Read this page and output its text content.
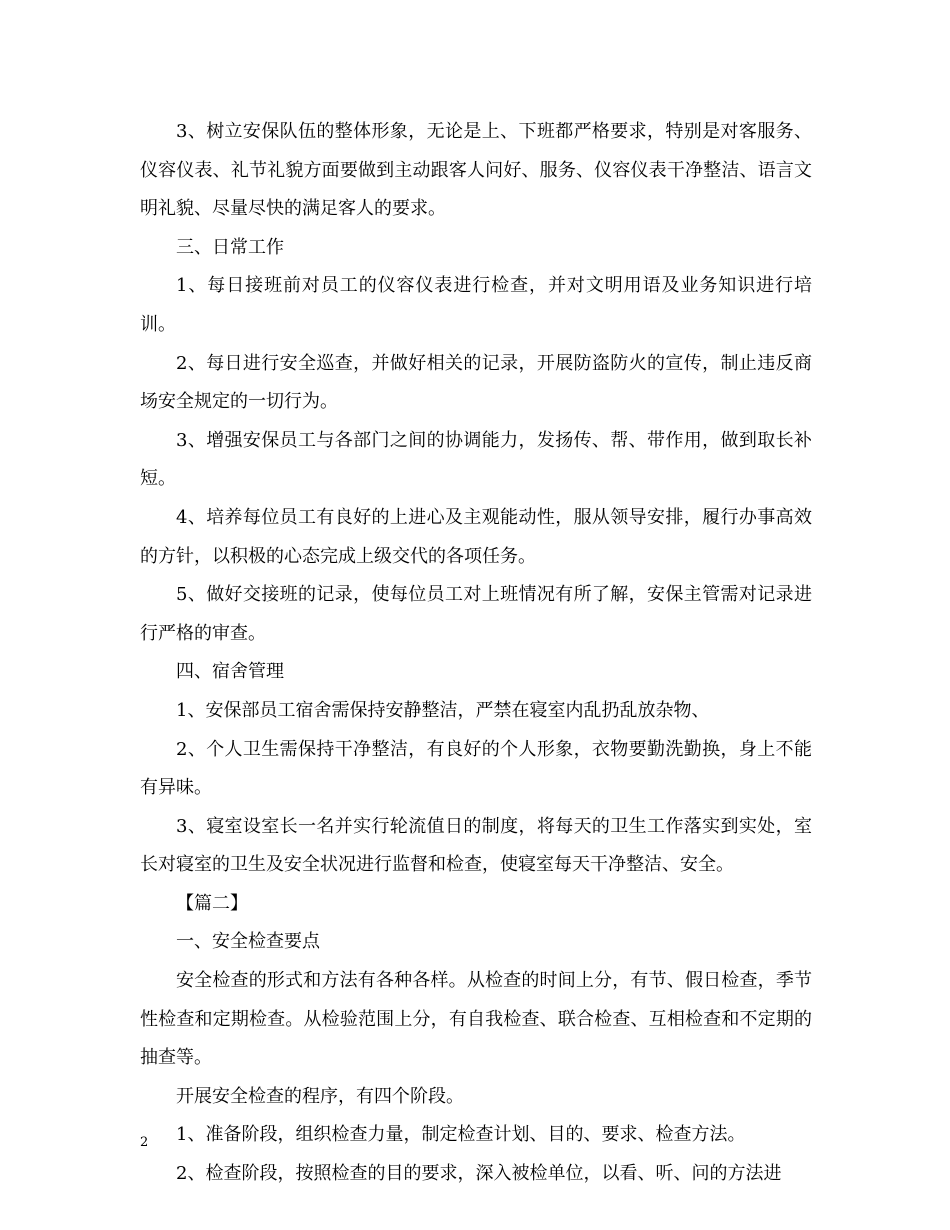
3、树立安保队伍的整体形象，无论是上、下班都严格要求，特别是对客服务、仪容仪表、礼节礼貌方面要做到主动跟客人问好、服务、仪容仪表干净整洁、语言文明礼貌、尽量尽快的满足客人的要求。

三、日常工作

1、每日接班前对员工的仪容仪表进行检查，并对文明用语及业务知识进行培训。

2、每日进行安全巡查，并做好相关的记录，开展防盗防火的宣传，制止违反商场安全规定的一切行为。

3、增强安保员工与各部门之间的协调能力，发扬传、帮、带作用，做到取长补短。

4、培养每位员工有良好的上进心及主观能动性，服从领导安排，履行办事高效的方针，以积极的心态完成上级交代的各项任务。

5、做好交接班的记录，使每位员工对上班情况有所了解，安保主管需对记录进行严格的审查。

四、宿舍管理

1、安保部员工宿舍需保持安静整洁，严禁在寝室内乱扔乱放杂物、

2、个人卫生需保持干净整洁，有良好的个人形象，衣物要勤洗勤换，身上不能有异味。

3、寝室设室长一名并实行轮流值日的制度，将每天的卫生工作落实到实处，室长对寝室的卫生及安全状况进行监督和检查，使寝室每天干净整洁、安全。

【篇二】

一、安全检查要点

安全检查的形式和方法有各种各样。从检查的时间上分，有节、假日检查，季节性检查和定期检查。从检验范围上分，有自我检查、联合检查、互相检查和不定期的抽查等。

开展安全检查的程序，有四个阶段。

1、准备阶段，组织检查力量，制定检查计划、目的、要求、检查方法。

2、检查阶段，按照检查的目的要求，深入被检单位，以看、听、问的方法进

2
